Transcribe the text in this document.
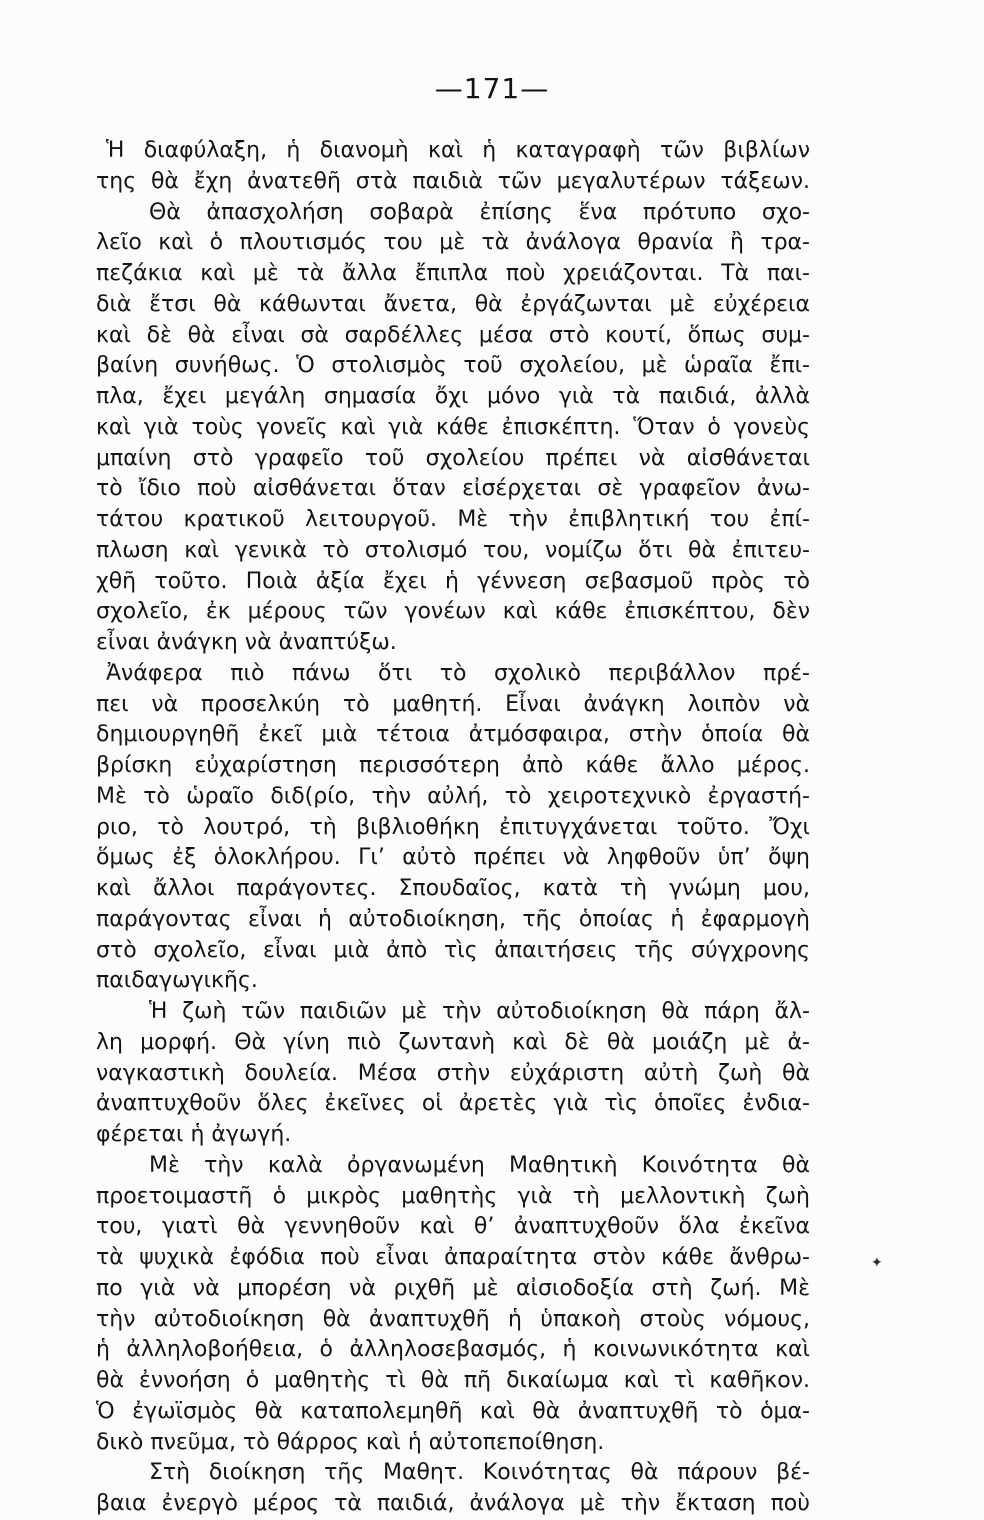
—171—
Ἡ διαφύλαξη, ἡ διανομὴ καὶ ἡ καταγραφὴ τῶν βιβλίων
της θὰ ἔχη ἀνατεθῆ στὰ παιδιὰ τῶν μεγαλυτέρων τάξεων.
Θὰ ἀπασχολήση σοβαρὰ ἐπίσης ἕνα πρότυπο σχο-
λεῖο καὶ ὁ πλουτισμός του μὲ τὰ ἀνάλογα θρανία ἢ τρα-
πεζάκια καὶ μὲ τὰ ἄλλα ἔπιπλα ποὺ χρειάζονται. Τὰ παι-
διὰ ἔτσι θὰ κάθωνται ἄνετα, θὰ ἐργάζωνται μὲ εὐχέρεια
καὶ δὲ θὰ εἶναι σὰ σαρδέλλες μέσα στὸ κουτί, ὅπως συμ-
βαίνη συνήθως. Ὁ στολισμὸς τοῦ σχολείου, μὲ ὡραῖα ἔπι-
πλα, ἔχει μεγάλη σημασία ὄχι μόνο γιὰ τὰ παιδιά, ἀλλὰ
καὶ γιὰ τοὺς γονεῖς καὶ γιὰ κάθε ἐπισκέπτη. Ὅταν ὁ γονεὺς
μπαίνη στὸ γραφεῖο τοῦ σχολείου πρέπει νὰ αἰσθάνεται
τὸ ἴδιο ποὺ αἰσθάνεται ὅταν εἰσέρχεται σὲ γραφεῖον ἀνω-
τάτου κρατικοῦ λειτουργοῦ. Μὲ τὴν ἐπιβλητική του ἐπί-
πλωση καὶ γενικὰ τὸ στολισμό του, νομίζω ὅτι θὰ ἐπιτευ-
χθῆ τοῦτο. Ποιὰ ἀξία ἔχει ἡ γέννεση σεβασμοῦ πρὸς τὸ
σχολεῖο, ἐκ μέρους τῶν γονέων καὶ κάθε ἐπισκέπτου, δὲν
εἶναι ἀνάγκη νὰ ἀναπτύξω.
Ἀνάφερα πιὸ πάνω ὅτι τὸ σχολικὸ περιβάλλον πρέ-
πει νὰ προσελκύη τὸ μαθητή. Εἶναι ἀνάγκη λοιπὸν νὰ
δημιουργηθῆ ἐκεῖ μιὰ τέτοια ἀτμόσφαιρα, στὴν ὁποία θὰ
βρίσκη εὐχαρίστηση περισσότερη ἀπὸ κάθε ἄλλο μέρος.
Μὲ τὸ ὡραῖο διδ(ρίο, τὴν αὐλή, τὸ χειροτεχνικὸ ἐργαστή-
ριο, τὸ λουτρό, τὴ βιβλιοθήκη ἐπιτυγχάνεται τοῦτο. Ὄχι
ὅμως ἐξ ὁλοκλήρου. Γι’ αὐτὸ πρέπει νὰ ληφθοῦν ὑπ’ ὄψη
καὶ ἄλλοι παράγοντες. Σπουδαῖος, κατὰ τὴ γνώμη μου,
παράγοντας εἶναι ἡ αὐτοδιοίκηση, τῆς ὁποίας ἡ ἐφαρμογὴ
στὸ σχολεῖο, εἶναι μιὰ ἀπὸ τὶς ἀπαιτήσεις τῆς σύγχρονης
παιδαγωγικῆς.
Ἡ ζωὴ τῶν παιδιῶν μὲ τὴν αὐτοδιοίκηση θὰ πάρη ἄλ-
λη μορφή. Θὰ γίνη πιὸ ζωντανὴ καὶ δὲ θὰ μοιάζη μὲ ἀ-
ναγκαστικὴ δουλεία. Μέσα στὴν εὐχάριστη αὐτὴ ζωὴ θὰ
ἀναπτυχθοῦν ὅλες ἐκεῖνες οἱ ἀρετὲς γιὰ τὶς ὁποῖες ἐνδια-
φέρεται ἡ ἀγωγή.
Μὲ τὴν καλὰ ὀργανωμένη Μαθητικὴ Κοινότητα θὰ
προετοιμαστῆ ὁ μικρὸς μαθητὴς γιὰ τὴ μελλοντικὴ ζωὴ
του, γιατὶ θὰ γεννηθοῦν καὶ θ’ ἀναπτυχθοῦν ὅλα ἐκεῖνα
τὰ ψυχικὰ ἐφόδια ποὺ εἶναι ἀπαραίτητα στὸν κάθε ἄνθρω-
πο γιὰ νὰ μπορέση νὰ ριχθῆ μὲ αἰσιοδοξία στὴ ζωή. Μὲ
τὴν αὐτοδιοίκηση θὰ ἀναπτυχθῆ ἡ ὑπακοὴ στοὺς νόμους,
ἡ ἀλληλοβοήθεια, ὁ ἀλληλοσεβασμός, ἡ κοινωνικότητα καὶ
θὰ ἐννοήση ὁ μαθητὴς τὶ θὰ πῆ δικαίωμα καὶ τὶ καθῆκον.
Ὁ ἐγωϊσμὸς θὰ καταπολεμηθῆ καὶ θὰ ἀναπτυχθῆ τὸ ὁμα-
δικὸ πνεῦμα, τὸ θάρρος καὶ ἡ αὐτοπεποίθηση.
Στὴ διοίκηση τῆς Μαθητ. Κοινότητας θὰ πάρουν βέ-
βαια ἐνεργὸ μέρος τὰ παιδιά, ἀνάλογα μὲ τὴν ἔκταση ποὺ
✦
